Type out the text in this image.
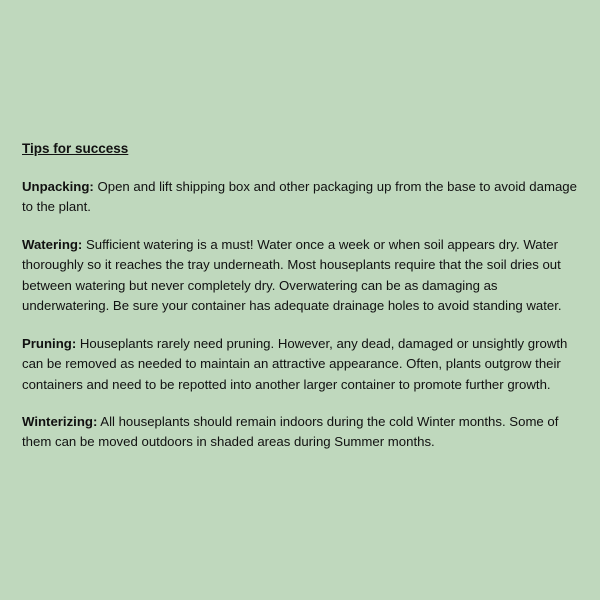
Tips for success

Unpacking: Open and lift shipping box and other packaging up from the base to avoid damage to the plant.

Watering: Sufficient watering is a must! Water once a week or when soil appears dry. Water thoroughly so it reaches the tray underneath. Most houseplants require that the soil dries out between watering but never completely dry. Overwatering can be as damaging as underwatering. Be sure your container has adequate drainage holes to avoid standing water.

Pruning: Houseplants rarely need pruning. However, any dead, damaged or unsightly growth can be removed as needed to maintain an attractive appearance. Often, plants outgrow their containers and need to be repotted into another larger container to promote further growth.

Winterizing: All houseplants should remain indoors during the cold Winter months. Some of them can be moved outdoors in shaded areas during Summer months.
